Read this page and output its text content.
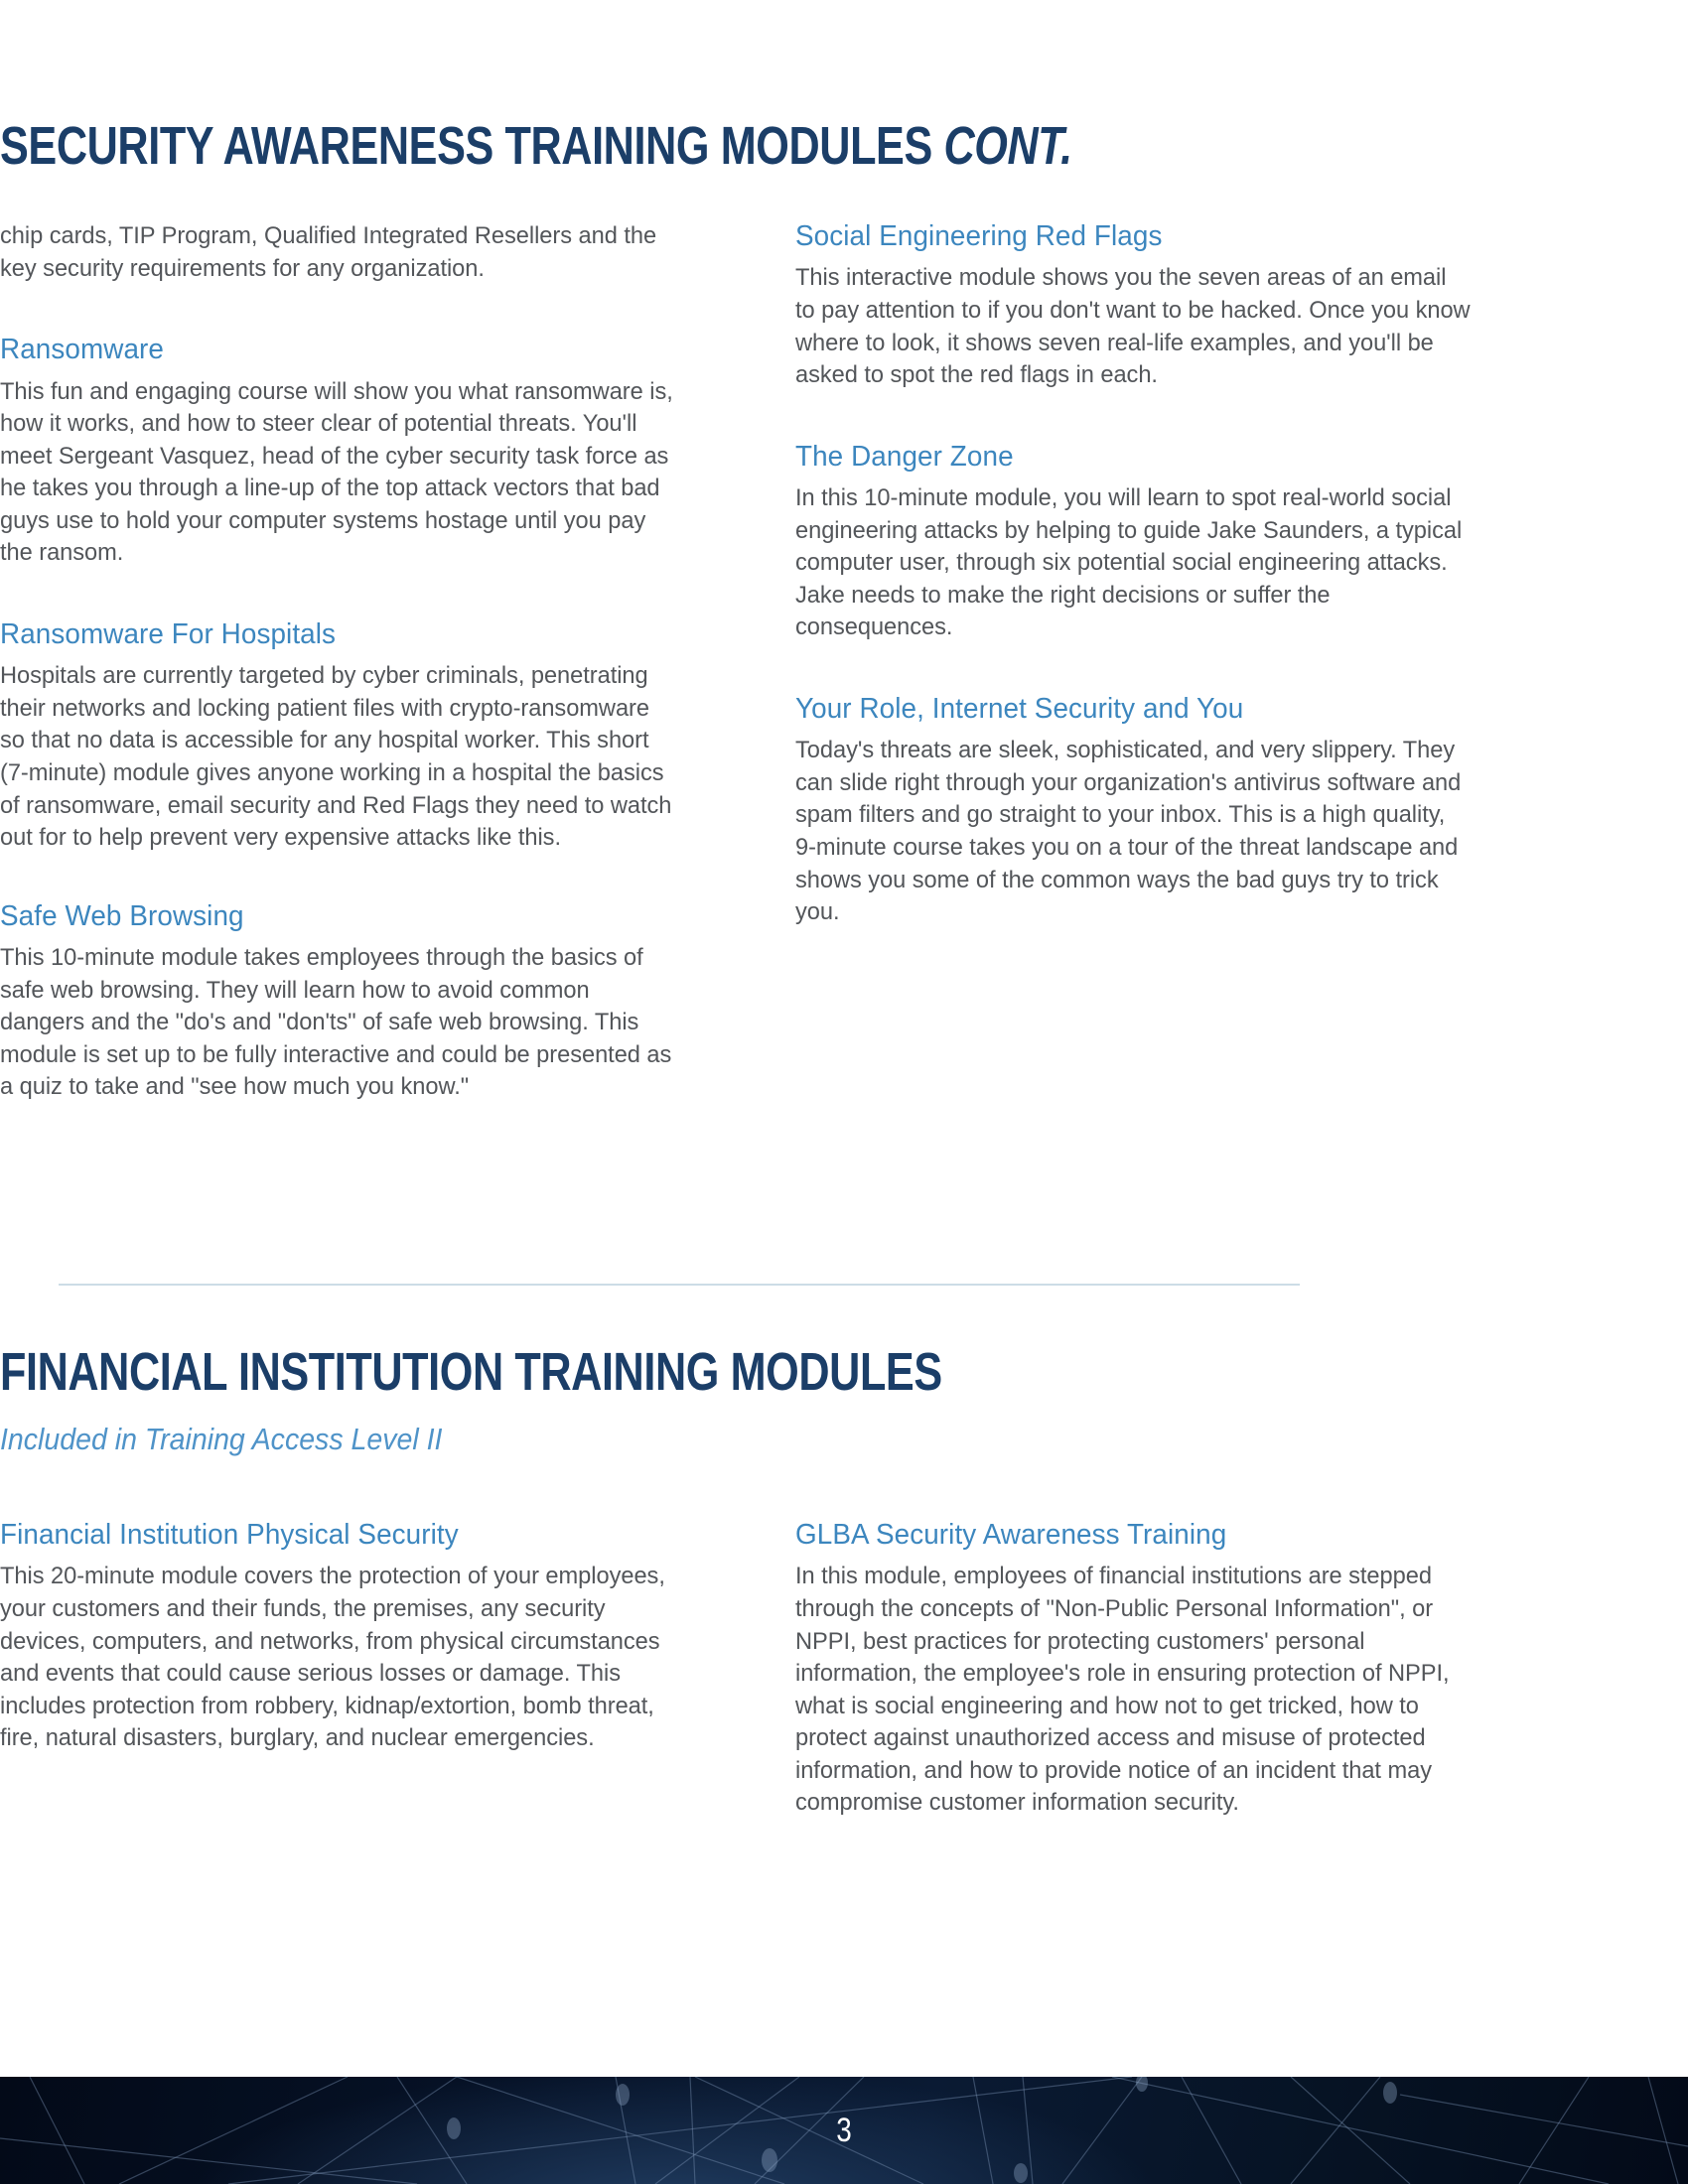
SECURITY AWARENESS TRAINING MODULES CONT.

chip cards, TIP Program, Qualified Integrated Resellers and the key security requirements for any organization.

Ransomware

This fun and engaging course will show you what ransomware is, how it works, and how to steer clear of potential threats. You'll meet Sergeant Vasquez, head of the cyber security task force as he takes you through a line-up of the top attack vectors that bad guys use to hold your computer systems hostage until you pay the ransom.

Ransomware For Hospitals

Hospitals are currently targeted by cyber criminals, penetrating their networks and locking patient files with crypto-ransomware so that no data is accessible for any hospital worker. This short (7-minute) module gives anyone working in a hospital the basics of ransomware, email security and Red Flags they need to watch out for to help prevent very expensive attacks like this.

Safe Web Browsing

This 10-minute module takes employees through the basics of safe web browsing. They will learn how to avoid common dangers and the "do's and "don'ts" of safe web browsing. This module is set up to be fully interactive and could be presented as a quiz to take and "see how much you know."

Social Engineering Red Flags

This interactive module shows you the seven areas of an email to pay attention to if you don't want to be hacked. Once you know where to look, it shows seven real-life examples, and you'll be asked to spot the red flags in each.

The Danger Zone

In this 10-minute module, you will learn to spot real-world social engineering attacks by helping to guide Jake Saunders, a typical computer user, through six potential social engineering attacks. Jake needs to make the right decisions or suffer the consequences.

Your Role, Internet Security and You

Today's threats are sleek, sophisticated, and very slippery. They can slide right through your organization's antivirus software and spam filters and go straight to your inbox. This is a high quality, 9-minute course takes you on a tour of the threat landscape and shows you some of the common ways the bad guys try to trick you.

FINANCIAL INSTITUTION TRAINING MODULES
Included in Training Access Level II
Financial Institution Physical Security

This 20-minute module covers the protection of your employees, your customers and their funds, the premises, any security devices, computers, and networks, from physical circumstances and events that could cause serious losses or damage. This includes protection from robbery, kidnap/extortion, bomb threat, fire, natural disasters, burglary, and nuclear emergencies.

GLBA Security Awareness Training

In this module, employees of financial institutions are stepped through the concepts of "Non-Public Personal Information", or NPPI, best practices for protecting customers' personal information, the employee's role in ensuring protection of NPPI, what is social engineering and how not to get tricked, how to protect against unauthorized access and misuse of protected information, and how to provide notice of an incident that may compromise customer information security.

3
